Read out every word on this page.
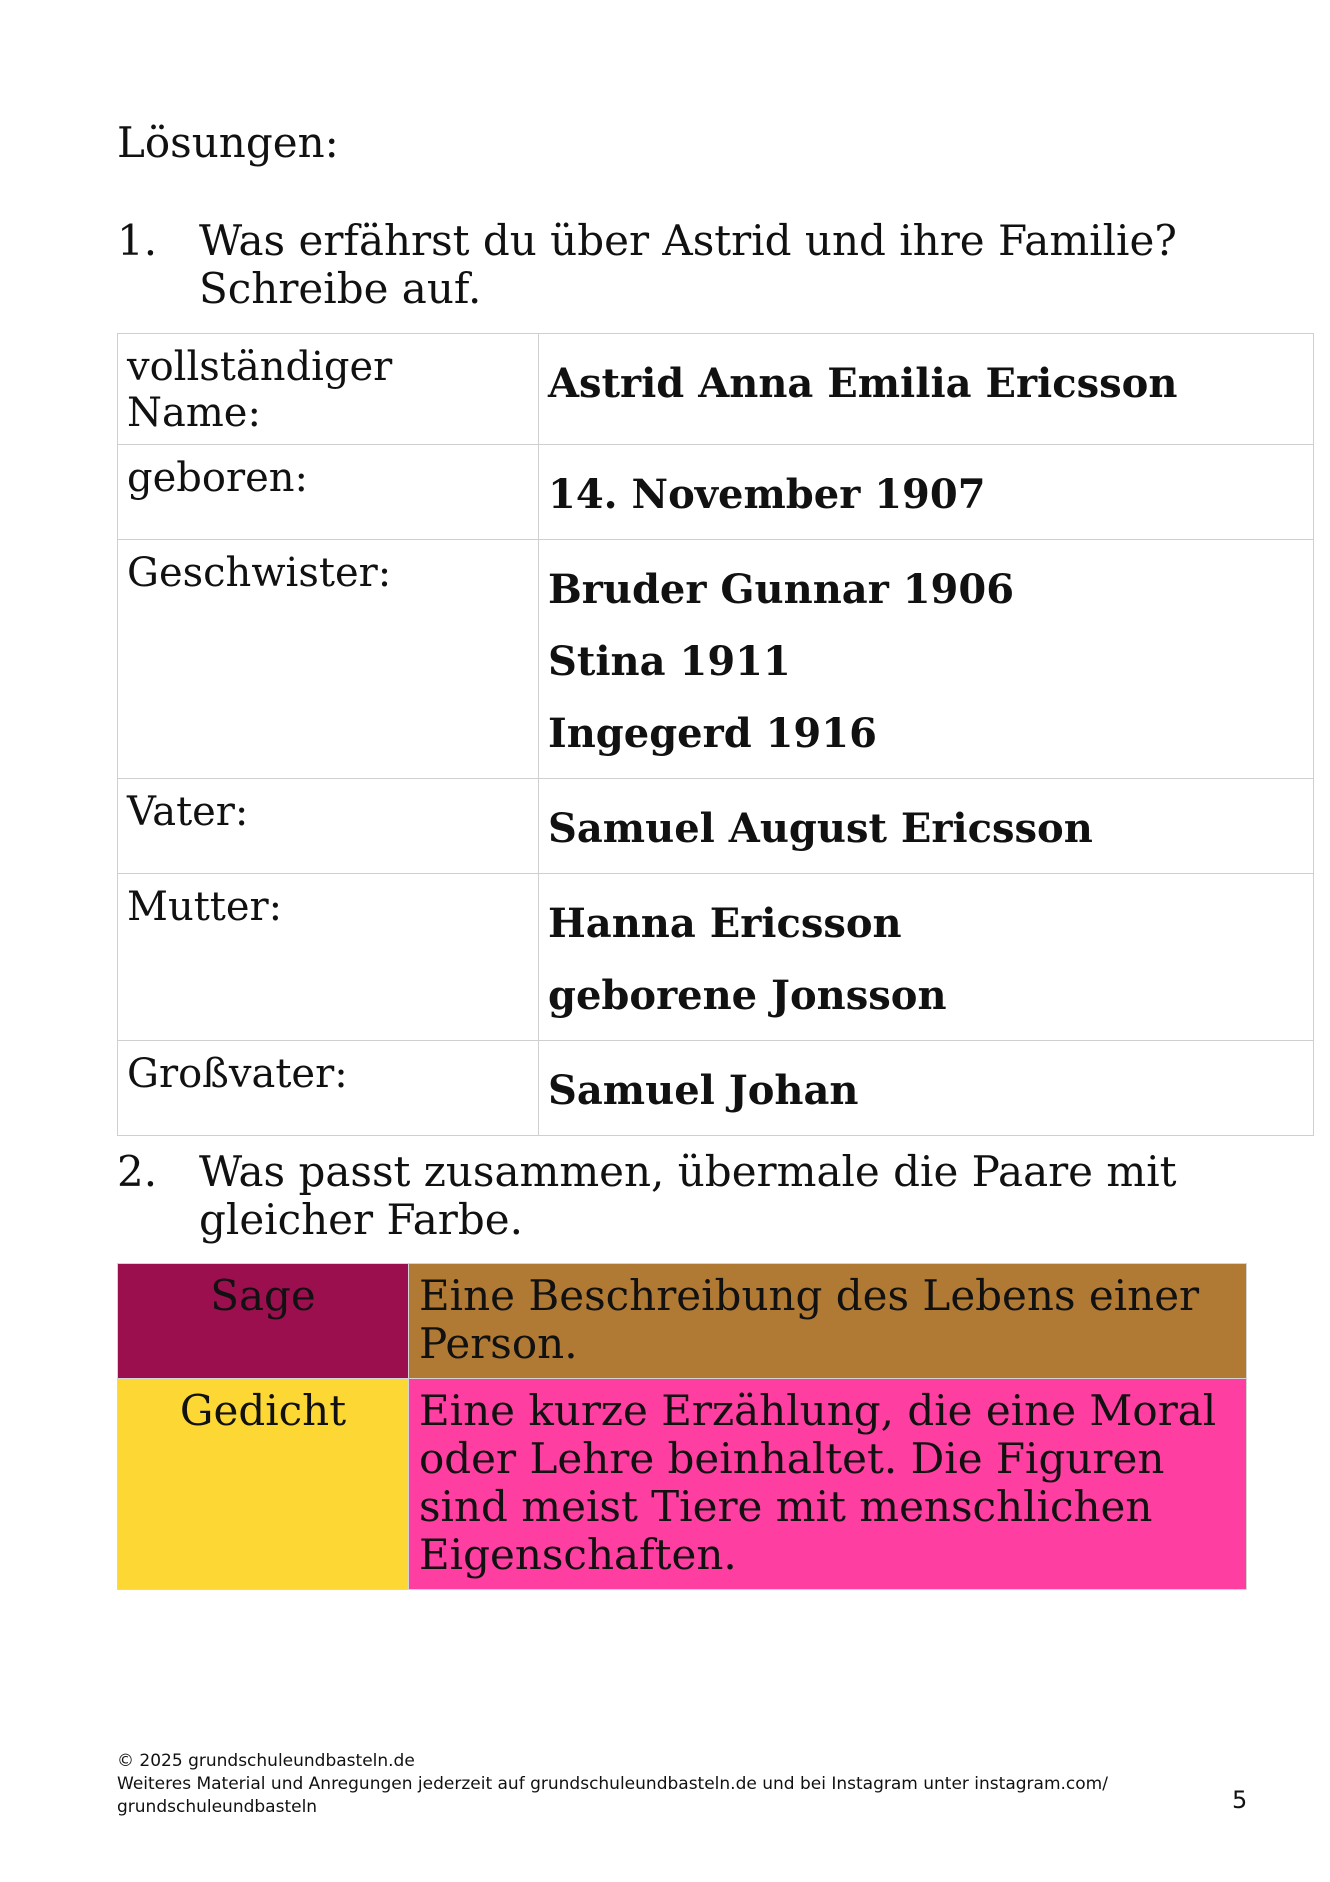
Lösungen:
1. Was erfährst du über Astrid und ihre Familie? Schreibe auf.
vollständiger Name:	Astrid Anna Emilia Ericsson

geboren:	14. November 1907

Geschwister:	Bruder Gunnar 1906
Stina 1911
Ingegerd 1916

Vater:	Samuel August Ericsson

Mutter:	Hanna Ericsson
geborene Jonsson

Großvater:	Samuel Johan
2. Was passt zusammen, übermale die Paare mit gleicher Farbe.
Sage	Eine Beschreibung des Lebens einer Person.
Gedicht	Eine kurze Erzählung, die eine Moral oder Lehre beinhaltet. Die Figuren sind meist Tiere mit menschlichen Eigenschaften.
© 2025 grundschuleundbasteln.de
Weiteres Material und Anregungen jederzeit auf grundschuleundbasteln.de und bei Instagram unter instagram.com/
grundschuleundbasteln	5
